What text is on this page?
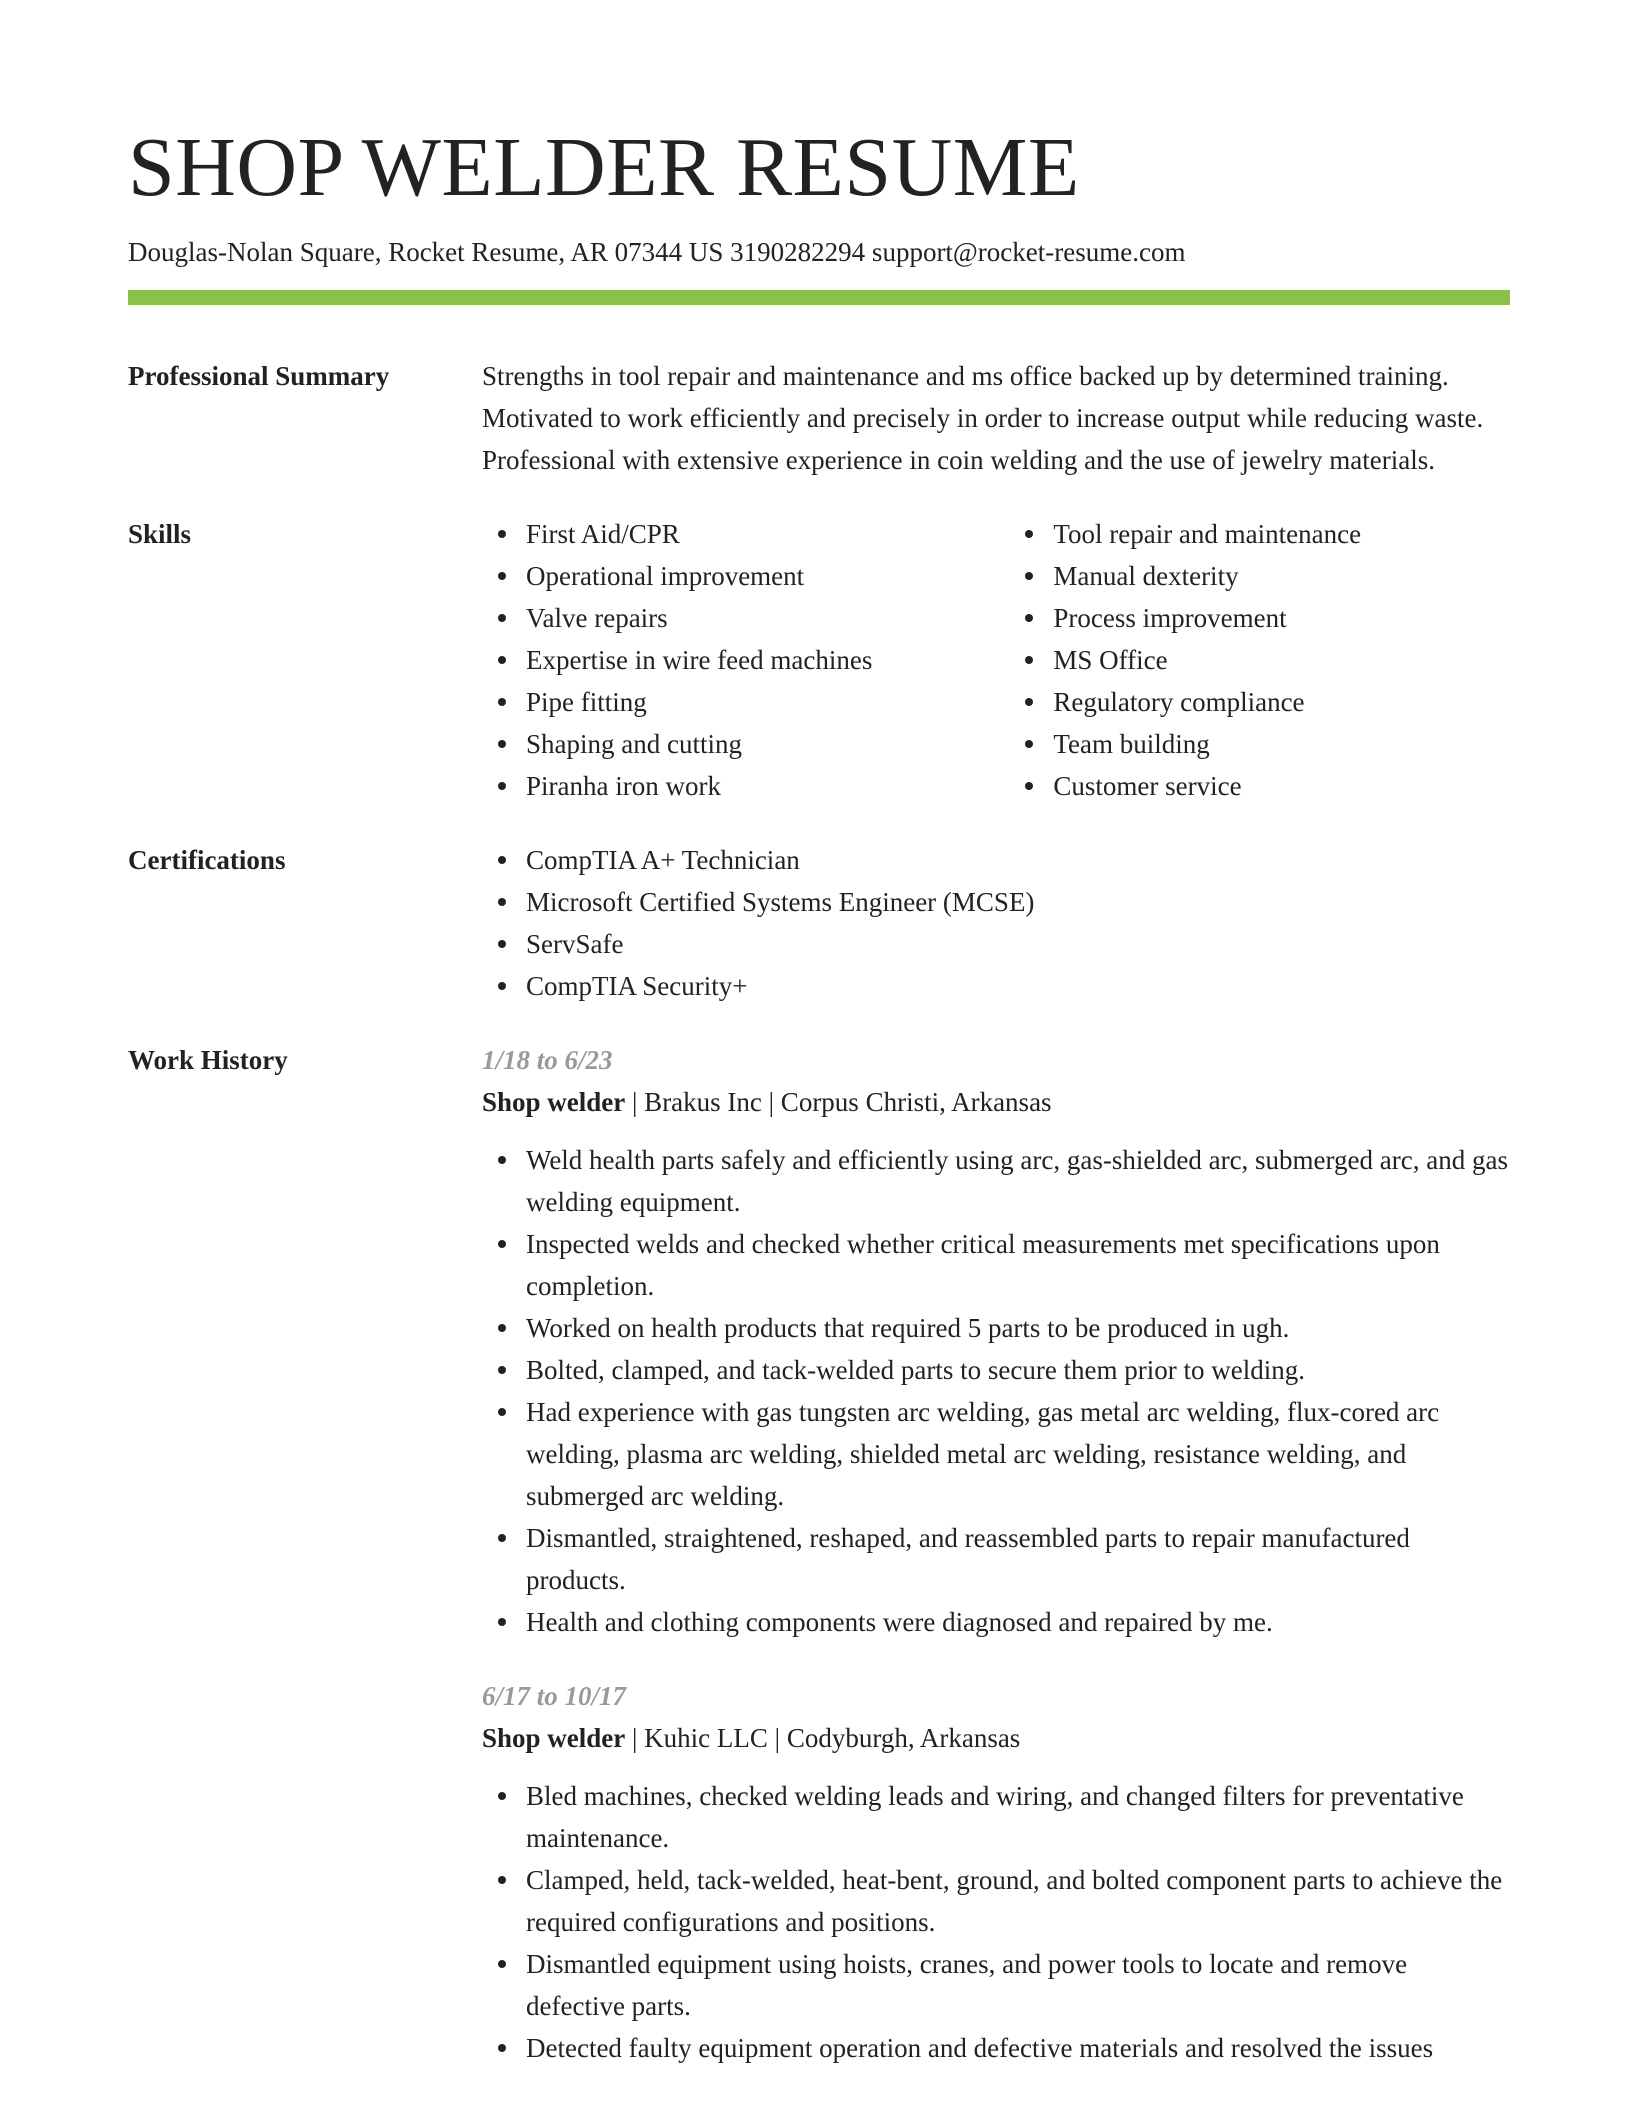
SHOP WELDER RESUME
Douglas-Nolan Square, Rocket Resume, AR 07344 US 3190282294 support@rocket-resume.com
Professional Summary	Strengths in tool repair and maintenance and ms office backed up by determined training. Motivated to work efficiently and precisely in order to increase output while reducing waste. Professional with extensive experience in coin welding and the use of jewelry materials.
Skills	First Aid/CPR
Operational improvement
Valve repairs
Expertise in wire feed machines
Pipe fitting
Shaping and cutting
Piranha iron work
Tool repair and maintenance
Manual dexterity
Process improvement
MS Office
Regulatory compliance
Team building
Customer service
Certifications	CompTIA A+ Technician
Microsoft Certified Systems Engineer (MCSE)
ServSafe
CompTIA Security+
Work History	1/18 to 6/23
Shop welder | Brakus Inc | Corpus Christi, Arkansas
Weld health parts safely and efficiently using arc, gas-shielded arc, submerged arc, and gas welding equipment.
Inspected welds and checked whether critical measurements met specifications upon completion.
Worked on health products that required 5 parts to be produced in ugh.
Bolted, clamped, and tack-welded parts to secure them prior to welding.
Had experience with gas tungsten arc welding, gas metal arc welding, flux-cored arc welding, plasma arc welding, shielded metal arc welding, resistance welding, and submerged arc welding.
Dismantled, straightened, reshaped, and reassembled parts to repair manufactured products.
Health and clothing components were diagnosed and repaired by me.
6/17 to 10/17
Shop welder | Kuhic LLC | Codyburgh, Arkansas
Bled machines, checked welding leads and wiring, and changed filters for preventative maintenance.
Clamped, held, tack-welded, heat-bent, ground, and bolted component parts to achieve the required configurations and positions.
Dismantled equipment using hoists, cranes, and power tools to locate and remove defective parts.
Detected faulty equipment operation and defective materials and resolved the issues
